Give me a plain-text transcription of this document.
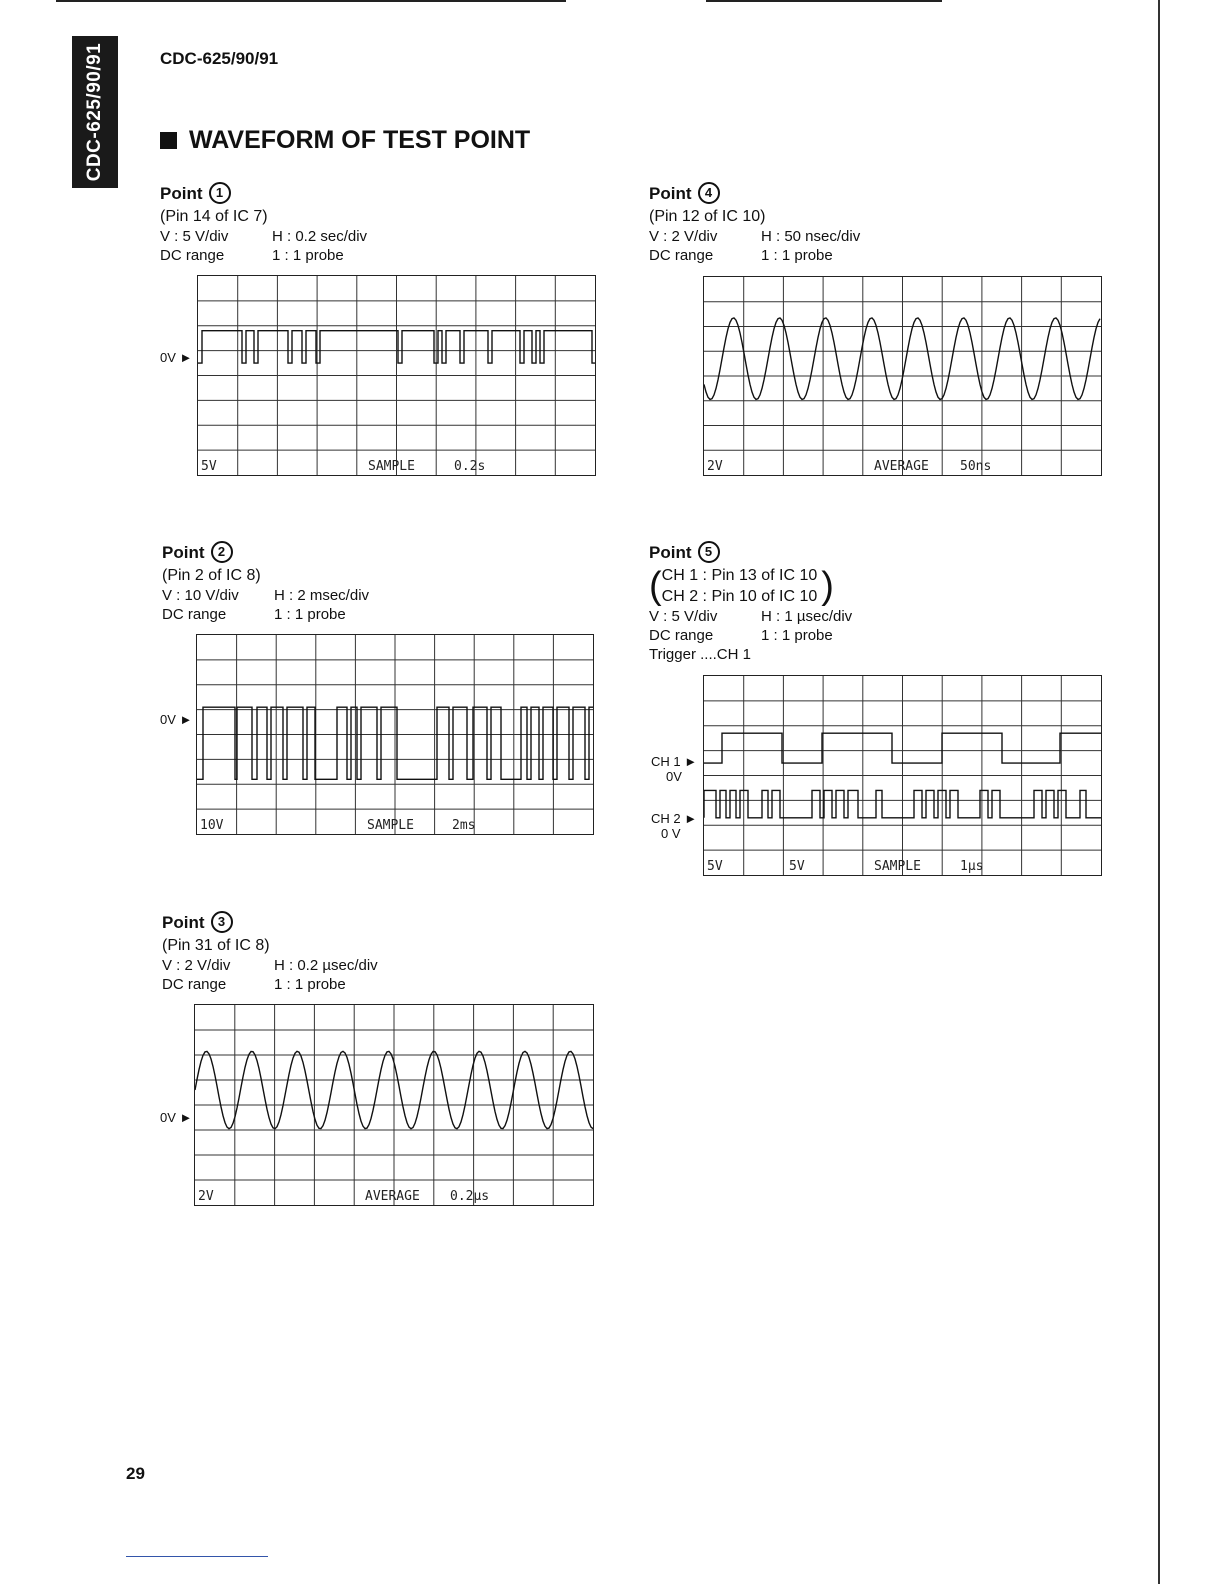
CDC-625/90/91	CDC-625/90/91
WAVEFORM OF TEST POINT
Point	1
(Pin 14 of IC 7)
V : 5 V/div	H : 0.2 sec/div
DC range	1 : 1 probe
0V ►
5V	SAMPLE	0.2s
Point	2
(Pin 2 of IC 8)
V : 10 V/div	H : 2 msec/div
DC range	1 : 1 probe
0V ►
10V	SAMPLE	2ms
Point	3
(Pin 31 of IC 8)
V : 2 V/div	H : 0.2 µsec/div
DC range	1 : 1 probe
0V ►
2V	AVERAGE 0.2µs
Point	4
(Pin 12 of IC 10)
V : 2 V/div	H : 50 nsec/div
DC range	1 : 1 probe
2V	AVERAGE 50ns
Point	5
( CH 1 : Pin 13 of IC 10
CH 2 : Pin 10 of IC 10 )
V : 5 V/div	H : 1 µsec/div
DC range	1 : 1 probe
Trigger ....CH 1
CH 1 ►
0V
CH 2 ►
0 V
5V	5V	SAMPLE	1µs
29
